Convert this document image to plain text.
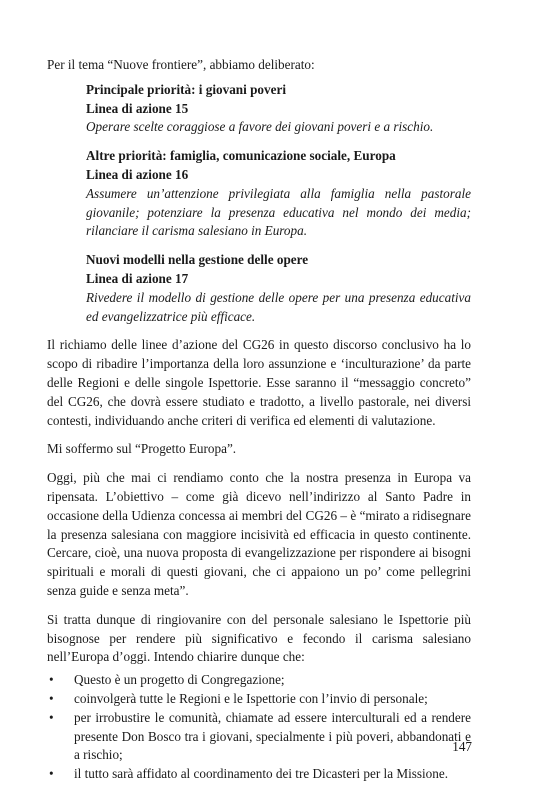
Per il tema “Nuove frontiere”, abbiamo deliberato:

Principale priorità: i giovani poveri

Linea di azione 15

Operare scelte coraggiose a favore dei giovani poveri e a rischio.

Altre priorità: famiglia, comunicazione sociale, Europa

Linea di azione 16

Assumere un’attenzione privilegiata alla famiglia nella pastorale giovanile; potenziare la presenza educativa nel mondo dei media; rilanciare il carisma salesiano in Europa.

Nuovi modelli nella gestione delle opere

Linea di azione 17

Rivedere il modello di gestione delle opere per una presenza educativa ed evangelizzatrice più efficace.

Il richiamo delle linee d’azione del CG26 in questo discorso conclusivo ha lo scopo di ribadire l’importanza della loro assunzione e ‘inculturazione’ da parte delle Regioni e delle singole Ispettorie. Esse saranno il “messaggio concreto” del CG26, che dovrà essere studiato e tradotto, a livello pastorale, nei diversi contesti, individuando anche criteri di verifica ed elementi di valutazione.

Mi soffermo sul “Progetto Europa”.

Oggi, più che mai ci rendiamo conto che la nostra presenza in Europa va ripensata. L’obiettivo – come già dicevo nell’indirizzo al Santo Padre in occasione della Udienza concessa ai membri del CG26 – è “mirato a ridisegnare la presenza salesiana con maggiore incisività ed efficacia in questo continente. Cercare, cioè, una nuova proposta di evangelizzazione per rispondere ai bisogni spirituali e morali di questi giovani, che ci appaiono un po’ come pellegrini senza guide e senza meta”.

Si tratta dunque di ringiovanire con del personale salesiano le Ispettorie più bisognose per rendere più significativo e fecondo il carisma salesiano nell’Europa d’oggi. Intendo chiarire dunque che:

• Questo è un progetto di Congregazione;
• coinvolgerà tutte le Regioni e le Ispettorie con l’invio di personale;
• per irrobustire le comunità, chiamate ad essere interculturali ed a rendere presente Don Bosco tra i giovani, specialmente i più poveri, abbandonati e a rischio;
• il tutto sarà affidato al coordinamento dei tre Dicasteri per la Missione.
147
